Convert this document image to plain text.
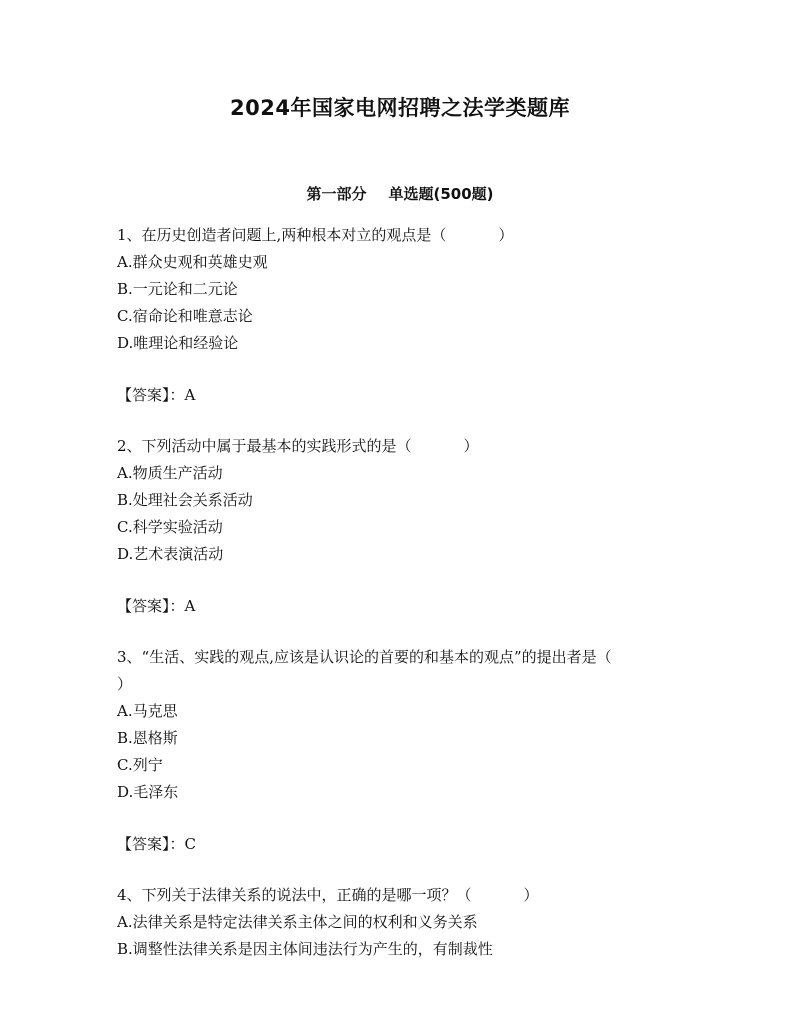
2024年国家电网招聘之法学类题库
第一部分 单选题(500题)

1、在历史创造者问题上,两种根本对立的观点是（	）

A.群众史观和英雄史观
B.一元论和二元论
C.宿命论和唯意志论
D.唯理论和经验论

【答案】：A

2、下列活动中属于最基本的实践形式的是（	）

A.物质生产活动
B.处理社会关系活动
C.科学实验活动
D.艺术表演活动

【答案】：A

3、“生活、实践的观点,应该是认识论的首要的和基本的观点”的提出者是（）

A.马克思
B.恩格斯
C.列宁
D.毛泽东

【答案】：C

4、下列关于法律关系的说法中，正确的是哪一项？（	）

A.法律关系是特定法律关系主体之间的权利和义务关系
B.调整性法律关系是因主体间违法行为产生的，有制裁性
